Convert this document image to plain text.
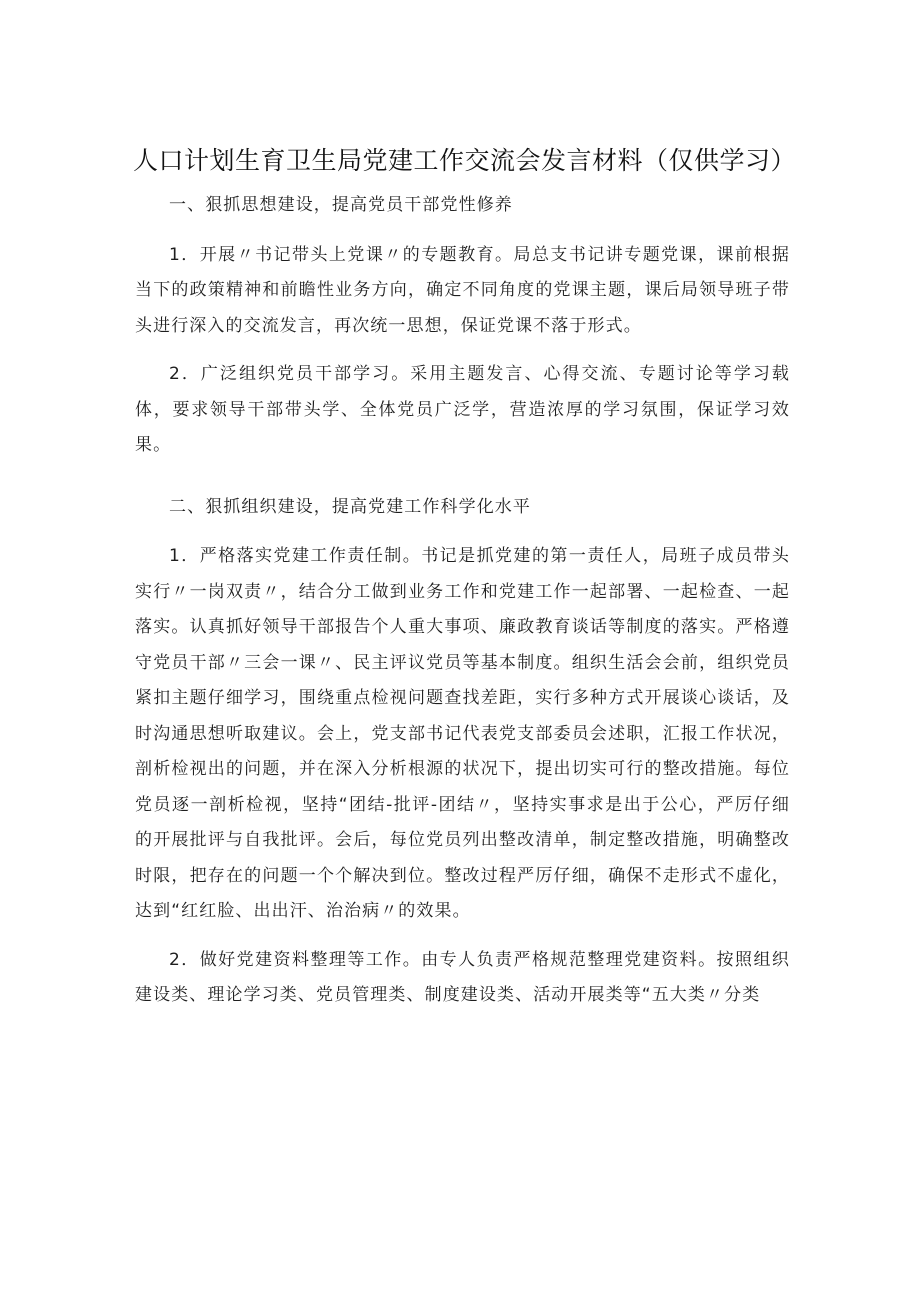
人口计划生育卫生局党建工作交流会发言材料（仅供学习）

一、狠抓思想建设，提高党员干部党性修养

1．开展〃书记带头上党课〃的专题教育。局总支书记讲专题党课，课前根据当下的政策精神和前瞻性业务方向，确定不同角度的党课主题，课后局领导班子带头进行深入的交流发言，再次统一思想，保证党课不落于形式。

2．广泛组织党员干部学习。采用主题发言、心得交流、专题讨论等学习载体，要求领导干部带头学、全体党员广泛学，营造浓厚的学习氛围，保证学习效果。

二、狠抓组织建设，提高党建工作科学化水平

1．严格落实党建工作责任制。书记是抓党建的第一责任人，局班子成员带头实行〃一岗双责〃，结合分工做到业务工作和党建工作一起部署、一起检查、一起落实。认真抓好领导干部报告个人重大事项、廉政教育谈话等制度的落实。严格遵守党员干部〃三会一课〃、民主评议党员等基本制度。组织生活会会前，组织党员紧扣主题仔细学习，围绕重点检视问题查找差距，实行多种方式开展谈心谈话，及时沟通思想听取建议。会上，党支部书记代表党支部委员会述职，汇报工作状况，剖析检视出的问题，并在深入分析根源的状况下，提出切实可行的整改措施。每位党员逐一剖析检视，坚持“团结-批评-团结〃，坚持实事求是出于公心，严厉仔细的开展批评与自我批评。会后，每位党员列出整改清单，制定整改措施，明确整改时限，把存在的问题一个个解决到位。整改过程严厉仔细，确保不走形式不虚化，达到“红红脸、出出汗、治治病〃的效果。

2．做好党建资料整理等工作。由专人负责严格规范整理党建资料。按照组织建设类、理论学习类、党员管理类、制度建设类、活动开展类等“五大类〃分类
